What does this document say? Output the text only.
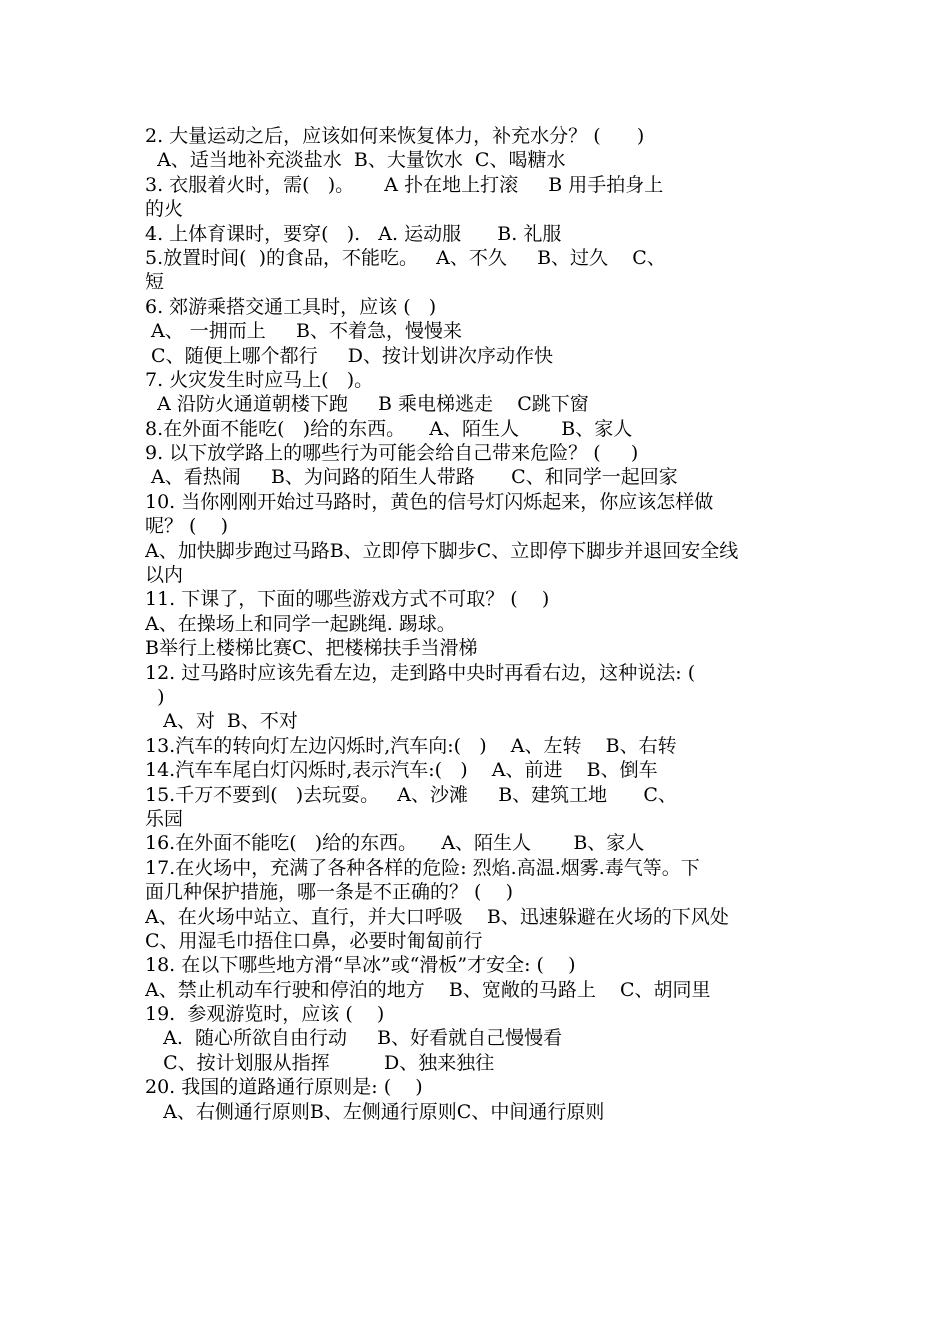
2. 大量运动之后，应该如何来恢复体力，补充水分？ (      )
A、适当地补充淡盐水  B、大量饮水  C、喝糖水
3. 衣服着火时，需(   )。     A 扑在地上打滚     B 用手拍身上
的火
4. 上体育课时，要穿(   ).   A. 运动服      B. 礼服
5.放置时间(  )的食品，不能吃。   A、不久     B、过久    C、
短
6. 郊游乘搭交通工具时，应该 (   )
A、 一拥而上     B、不着急，慢慢来
C、随便上哪个都行     D、按计划讲次序动作快
7. 火灾发生时应马上(   )。
A 沿防火通道朝楼下跑     B 乘电梯逃走    C跳下窗
8.在外面不能吃(   )给的东西。    A、陌生人       B、家人
9. 以下放学路上的哪些行为可能会给自己带来危险？ (     )
A、看热闹     B、为问路的陌生人带路      C、和同学一起回家
10. 当你刚刚开始过马路时，黄色的信号灯闪烁起来，你应该怎样做
呢？ (    )
A、加快脚步跑过马路B、立即停下脚步C、立即停下脚步并退回安全线
以内
11. 下课了，下面的哪些游戏方式不可取？ (    )
A、在操场上和同学一起跳绳. 踢球。
B举行上楼梯比赛C、把楼梯扶手当滑梯
12. 过马路时应该先看左边，走到路中央时再看右边，这种说法: (
)
A、对  B、不对
13.汽车的转向灯左边闪烁时,汽车向:(   )    A、左转    B、右转
14.汽车车尾白灯闪烁时,表示汽车:(   )    A、前进    B、倒车
15.千万不要到(   )去玩耍。   A、沙滩     B、建筑工地      C、
乐园
16.在外面不能吃(   )给的东西。    A、陌生人       B、家人
17.在火场中，充满了各种各样的危险: 烈焰.高温.烟雾.毒气等。下
面几种保护措施，哪一条是不正确的？ (    )
A、在火场中站立、直行，并大口呼吸    B、迅速躲避在火场的下风处
C、用湿毛巾捂住口鼻，必要时匍匐前行
18. 在以下哪些地方滑“旱冰”或“滑板”才安全: (    )
A、禁止机动车行驶和停泊的地方    B、宽敞的马路上    C、胡同里
19.  参观游览时，应该 (    )
A.  随心所欲自由行动     B、好看就自己慢慢看
C、按计划服从指挥         D、独来独往
20. 我国的道路通行原则是: (    )
A、右侧通行原则B、左侧通行原则C、中间通行原则
